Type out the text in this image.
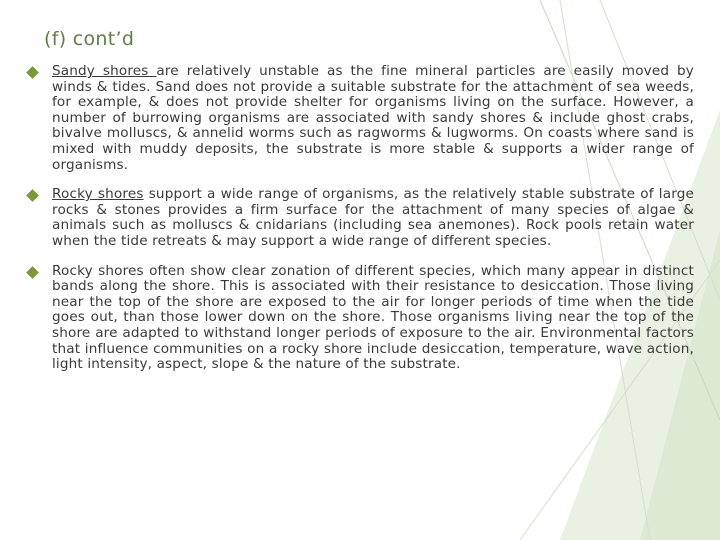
(f) cont’d
Sandy shores are relatively unstable as the fine mineral particles are easily moved by winds & tides. Sand does not provide a suitable substrate for the attachment of sea weeds, for example, & does not provide shelter for organisms living on the surface. However, a number of burrowing organisms are associated with sandy shores & include ghost crabs, bivalve molluscs, & annelid worms such as ragworms & lugworms. On coasts where sand is mixed with muddy deposits, the substrate is more stable & supports a wider range of organisms.
Rocky shores support a wide range of organisms, as the relatively stable substrate of large rocks & stones provides a firm surface for the attachment of many species of algae & animals such as molluscs & cnidarians (including sea anemones). Rock pools retain water when the tide retreats & may support a wide range of different species.
Rocky shores often show clear zonation of different species, which many appear in distinct bands along the shore. This is associated with their resistance to desiccation. Those living near the top of the shore are exposed to the air for longer periods of time when the tide goes out, than those lower down on the shore. Those organisms living near the top of the shore are adapted to withstand longer periods of exposure to the air. Environmental factors that influence communities on a rocky shore include desiccation, temperature, wave action, light intensity, aspect, slope & the nature of the substrate.
